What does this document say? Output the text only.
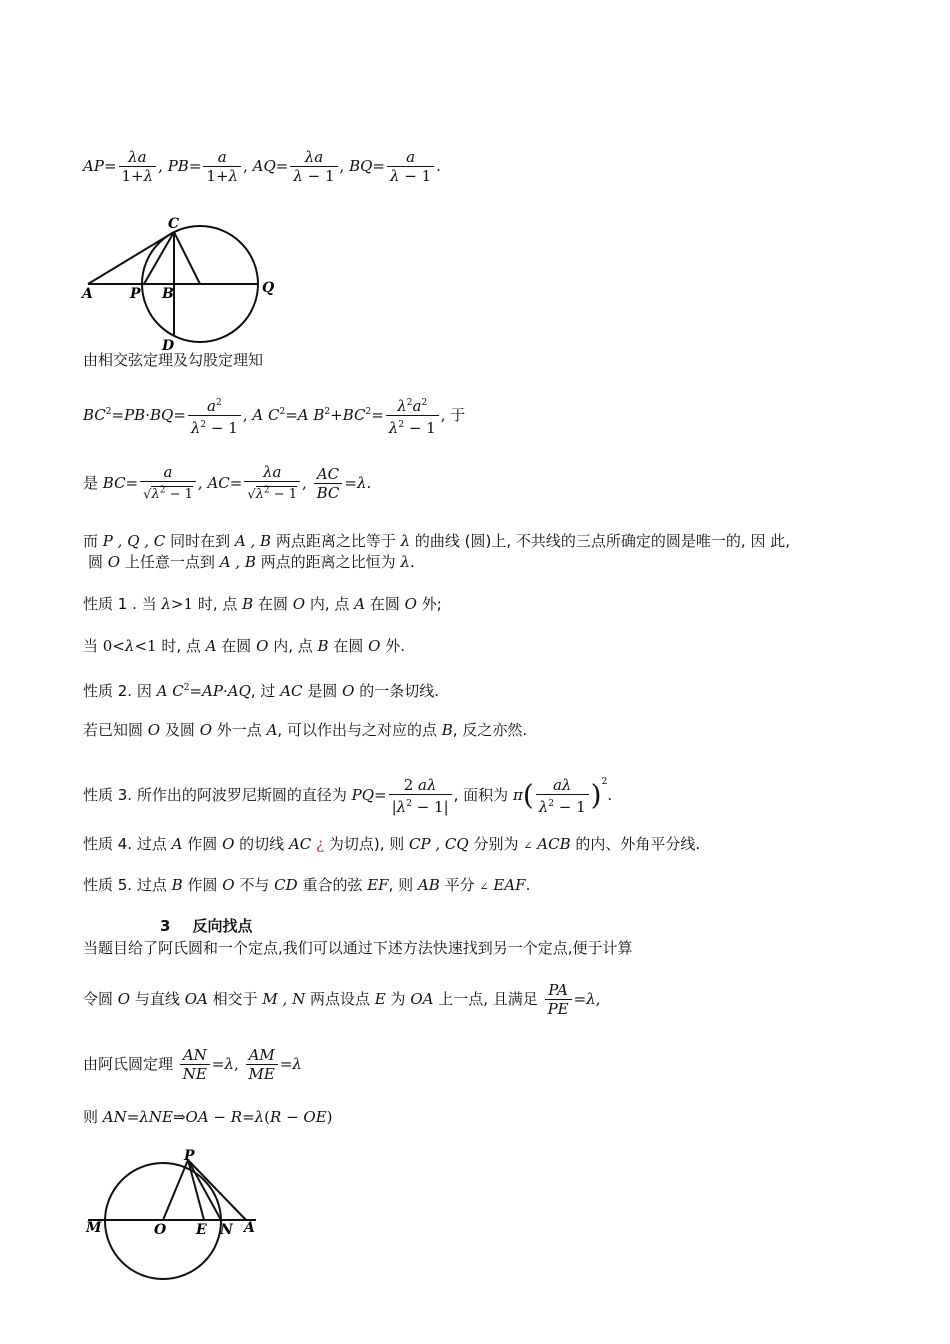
$AP= \frac{\lambda a}{1+\lambda}$ , $PB= \frac{a}{1+\lambda}$ , $AQ= \frac{\lambda a}{\lambda - 1}$ , $BQ= \frac{a}{\lambda - 1}$ .
C
A	P B	Q
D
由相交弦定理及勾股定理知
$BC^2=PB\cdot BQ= \frac{a^2}{\lambda^2 - 1}$ , A $C^2=A$ $B^2+BC^2= \frac{\lambda^2a^2}{\lambda^2 - 1}$ , 于
是 $BC= \frac{a}{√\lambda^2 - 1}$ , $AC= \frac{\lambda a}{√\lambda^2 - 1}$ , $\frac{AC}{BC} =\lambda$.
而 P , Q , C 同时在到 A , B 两点距离之比等于 λ 的曲线 (圆)上, 不共线的三点所确定的圆是唯一的, 因 此,
圆 O 上任意一点到 A , B 两点的距离之比恒为 λ.
性质 1 . 当 λ>1 时, 点 B 在圆 O 内, 点 A 在圆 O 外;
当 0<λ<1 时, 点 A 在圆 O 内, 点 B 在圆 O 外.
性质 2. 因 A $C^2=AP\cdot AQ$, 过 AC 是圆 O 的一条切线.
若已知圆 O 及圆 O 外一点 A, 可以作出与之对应的点 B, 反之亦然.
性质 3. 所作出的阿波罗尼斯圆的直径为 $PQ= \frac{2 a\lambda}{|\lambda^2 - 1|}$ , 面积为 $\pi( \frac{a\lambda}{\lambda^2 - 1} )^2$.
性质 4. 过点 A 作圆 O 的切线 AC ¿ 为切点), 则 CP , CQ 分别为 ∠ ACB 的内、外角平分线.
性质 5. 过点 B 作圆 O 不与 CD 重合的弦 EF, 则 AB 平分 ∠ EAF.
3 反向找点
当题目给了阿氏圆和一个定点,我们可以通过下述方法快速找到另一个定点,便于计算
令圆 O 与直线 OA 相交于 M , N 两点设点 E 为 OA 上一点, 且满足 $\frac{PA}{PE} =\lambda$,
由阿氏圆定理 $\frac{AN}{NE} =\lambda$, $\frac{AM}{ME} =\lambda$
则 AN=λNE⇒OA − R=λ(R − OE)
P
M	O E N A
